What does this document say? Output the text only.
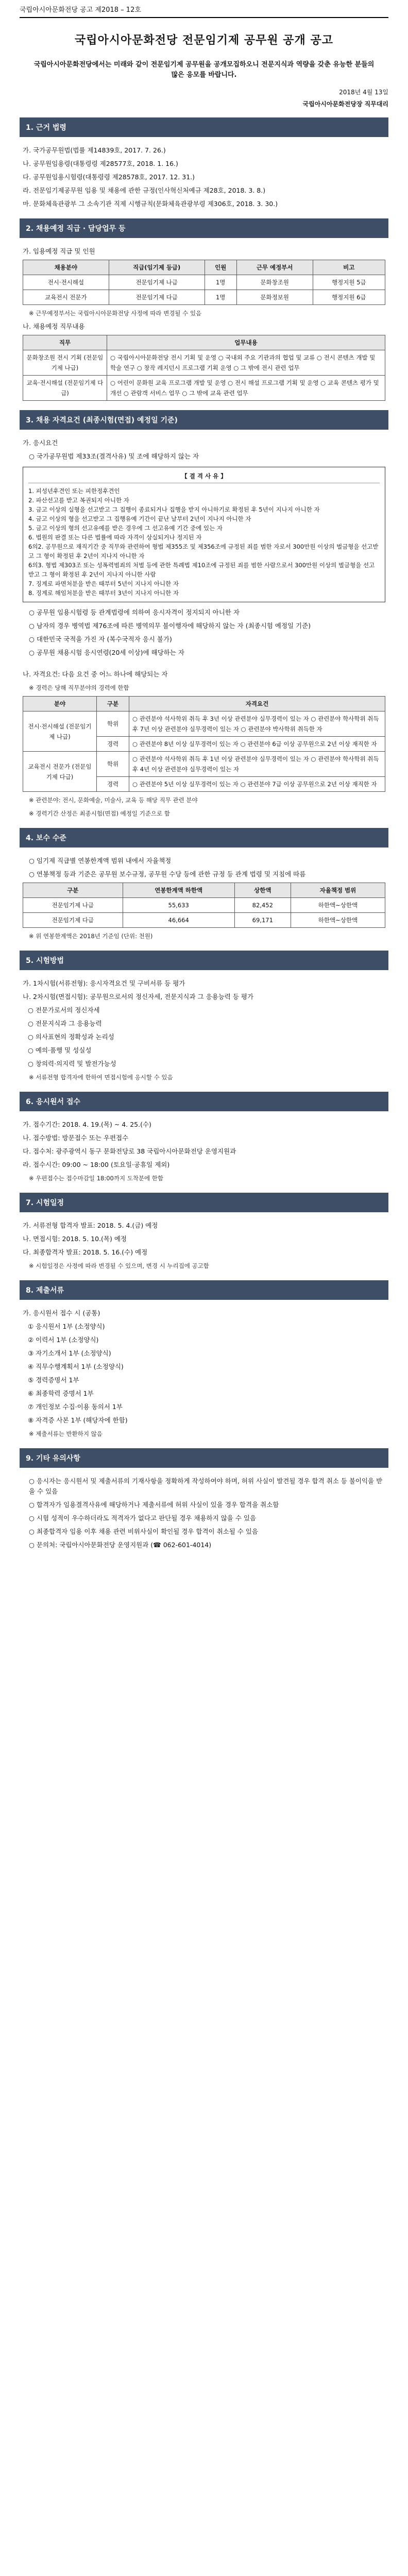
국립아시아문화전당 공고 제2018 – 12호
국립아시아문화전당 전문임기제 공무원 공개 공고
국립아시아문화전당에서는 미래와 같이 전문임기제 공무원을 공개모집하오니 전문지식과 역량을 갖춘 유능한 분들의 많은 응모를 바랍니다.
2018년 4월 13일
국립아시아문화전당장 직무대리
1. 근거 법령
가. 국가공무원법(법률 제14839호, 2017. 7. 26.)
나. 공무원임용령(대통령령 제28577호, 2018. 1. 16.)
다. 공무원임용시험령(대통령령 제28578호, 2017. 12. 31.)
라. 전문임기제공무원 임용 및 채용에 관한 규정(인사혁신처예규 제28호, 2018. 3. 8.)
마. 문화체육관광부 그 소속기관 직제 시행규칙(문화체육관광부령 제306호, 2018. 3. 30.)
2. 채용예정 직급 · 담당업무 등
가. 임용예정 직급 및 인원
채용분야	직급(임기제 등급)	인원	근무 예정부서	비고
전시·전시해설	전문임기제 나급	1명	문화창조원	행정지원 5급
교육전시 전문가	전문임기제 다급	1명	문화정보원	행정지원 6급
※ 근무예정부서는 국립아시아문화전당 사정에 따라 변경될 수 있음
나. 채용예정 직무내용
직무	업무내용
문화창조원 전시 기획 (전문임기제 나급)	○ 국립아시아문화전당 전시 기획 및 운영 ○ 국내외 주요 기관과의 협업 및 교류 ○ 전시 콘텐츠 개발 및 학술 연구 ○ 창작 레지던시 프로그램 기획 운영 ○ 그 밖에 전시 관련 업무
교육·전시해설 (전문임기제 다급)	○ 어린이 문화원 교육 프로그램 개발 및 운영 ○ 전시 해설 프로그램 기획 및 운영 ○ 교육 콘텐츠 평가 및 개선 ○ 관람객 서비스 업무 ○ 그 밖에 교육 관련 업무
3. 채용 자격요건 (최종시험(면접) 예정일 기준)
가. 응시요건
○ 국가공무원법 제33조(결격사유) 및 조에 해당하지 않는 자
【 결 격 사 유 】
1. 피성년후견인 또는 피한정후견인
2. 파산선고를 받고 복권되지 아니한 자
3. 금고 이상의 실형을 선고받고 그 집행이 종료되거나 집행을 받지 아니하기로 확정된 후 5년이 지나지 아니한 자
4. 금고 이상의 형을 선고받고 그 집행유예 기간이 끝난 날부터 2년이 지나지 아니한 자
5. 금고 이상의 형의 선고유예를 받은 경우에 그 선고유예 기간 중에 있는 자
6. 법원의 판결 또는 다른 법률에 따라 자격이 상실되거나 정지된 자
6의2. 공무원으로 재직기간 중 직무와 관련하여 형법 제355조 및 제356조에 규정된 죄를 범한 자로서 300만원 이상의 벌금형을 선고받고 그 형이 확정된 후 2년이 지나지 아니한 자
6의3. 형법 제303조 또는 성폭력범죄의 처벌 등에 관한 특례법 제10조에 규정된 죄를 범한 사람으로서 300만원 이상의 벌금형을 선고받고 그 형이 확정된 후 2년이 지나지 아니한 사람
7. 징계로 파면처분을 받은 때부터 5년이 지나지 아니한 자
8. 징계로 해임처분을 받은 때부터 3년이 지나지 아니한 자
○ 공무원 임용시험령 등 관계법령에 의하여 응시자격이 정지되지 아니한 자
○ 남자의 경우 병역법 제76조에 따른 병역의무 불이행자에 해당하지 않는 자 (최종시험 예정일 기준)
○ 대한민국 국적을 가진 자 (복수국적자 응시 불가)
○ 공무원 채용시험 응시연령(20세 이상)에 해당하는 자
나. 자격요건: 다음 요건 중 어느 하나에 해당되는 자
※ 경력은 당해 직무분야의 경력에 한함
분야	구분	자격요건
전시·전시해설 (전문임기제 나급)	학위	○ 관련분야 석사학위 취득 후 3년 이상 관련분야 실무경력이 있는 자 ○ 관련분야 학사학위 취득 후 7년 이상 관련분야 실무경력이 있는 자 ○ 관련분야 박사학위 취득한 자
	경력	○ 관련분야 8년 이상 실무경력이 있는 자 ○ 관련분야 6급 이상 공무원으로 2년 이상 재직한 자
교육전시 전문가 (전문임기제 다급)	학위	○ 관련분야 석사학위 취득 후 1년 이상 관련분야 실무경력이 있는 자 ○ 관련분야 학사학위 취득 후 4년 이상 관련분야 실무경력이 있는 자
	경력	○ 관련분야 5년 이상 실무경력이 있는 자 ○ 관련분야 7급 이상 공무원으로 2년 이상 재직한 자
※ 관련분야: 전시, 문화예술, 미술사, 교육 등 해당 직무 관련 분야
※ 경력기간 산정은 최종시험(면접) 예정일 기준으로 함
4. 보수 수준
○ 임기제 직급별 연봉한계액 범위 내에서 자율책정
○ 연봉책정 등과 기준은 공무원 보수규정, 공무원 수당 등에 관한 규정 등 관계 법령 및 지침에 따름
구분	연봉한계액 하한액	상한액	자율책정 범위
전문임기제 나급	55,633	82,452	하한액~상한액
전문임기제 다급	46,664	69,171	하한액~상한액
※ 위 연봉한계액은 2018년 기준임 (단위: 천원)
5. 시험방법
가. 1차시험(서류전형): 응시자격요건 및 구비서류 등 평가
나. 2차시험(면접시험): 공무원으로서의 정신자세, 전문지식과 그 응용능력 등 평가
○ 전문가로서의 정신자세
○ 전문지식과 그 응용능력
○ 의사표현의 정확성과 논리성
○ 예의·품행 및 성실성
○ 창의력·의지력 및 발전가능성
※ 서류전형 합격자에 한하여 면접시험에 응시할 수 있음
6. 응시원서 접수
가. 접수기간: 2018. 4. 19.(목) ~ 4. 25.(수)
나. 접수방법: 방문접수 또는 우편접수
다. 접수처: 광주광역시 동구 문화전당로 38 국립아시아문화전당 운영지원과
라. 접수시간: 09:00 ~ 18:00 (토요일·공휴일 제외)
※ 우편접수는 접수마감일 18:00까지 도착분에 한함
7. 시험일정
가. 서류전형 합격자 발표: 2018. 5. 4.(금) 예정
나. 면접시험: 2018. 5. 10.(목) 예정
다. 최종합격자 발표: 2018. 5. 16.(수) 예정
※ 시험일정은 사정에 따라 변경될 수 있으며, 변경 시 누리집에 공고함
8. 제출서류
가. 응시원서 접수 시 (공통)
① 응시원서 1부 (소정양식)
② 이력서 1부 (소정양식)
③ 자기소개서 1부 (소정양식)
④ 직무수행계획서 1부 (소정양식)
⑤ 경력증명서 1부
⑥ 최종학력 증명서 1부
⑦ 개인정보 수집·이용 동의서 1부
⑧ 자격증 사본 1부 (해당자에 한함)
※ 제출서류는 반환하지 않음
9. 기타 유의사항
○ 응시자는 응시원서 및 제출서류의 기재사항을 정확하게 작성하여야 하며, 허위 사실이 발견될 경우 합격 취소 등 불이익을 받을 수 있음
○ 합격자가 임용결격사유에 해당하거나 제출서류에 허위 사실이 있을 경우 합격을 취소함
○ 시험 성적이 우수하더라도 적격자가 없다고 판단될 경우 채용하지 않을 수 있음
○ 최종합격자 임용 이후 채용 관련 비위사실이 확인될 경우 합격이 취소될 수 있음
○ 문의처: 국립아시아문화전당 운영지원과 (☎ 062-601-4014)
